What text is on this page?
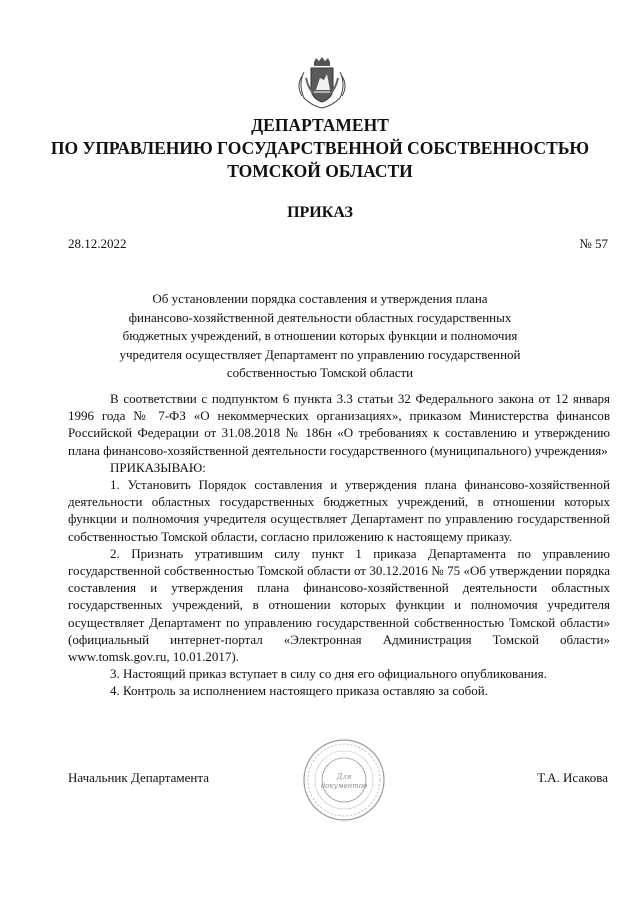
ДЕПАРТАМЕНТ
ПО УПРАВЛЕНИЮ ГОСУДАРСТВЕННОЙ СОБСТВЕННОСТЬЮ
ТОМСКОЙ ОБЛАСТИ
ПРИКАЗ
28.12.2022	№ 57
Об установлении порядка составления и утверждения плана
финансово-хозяйственной деятельности областных государственных
бюджетных учреждений, в отношении которых функции и полномочия
учредителя осуществляет Департамент по управлению государственной
собственностью Томской области

В соответствии с подпунктом 6 пункта 3.3 статьи 32 Федерального закона от 12 января 1996 года № 7-ФЗ «О некоммерческих организациях», приказом Министерства финансов Российской Федерации от 31.08.2018 № 186н «О требованиях к составлению и утверждению плана финансово-хозяйственной деятельности государственного (муниципального) учреждения»

ПРИКАЗЫВАЮ:

1. Установить Порядок составления и утверждения плана финансово-хозяйственной деятельности областных государственных бюджетных учреждений, в отношении которых функции и полномочия учредителя осуществляет Департамент по управлению государственной собственностью Томской области, согласно приложению к настоящему приказу.

2. Признать утратившим силу пункт 1 приказа Департамента по управлению государственной собственностью Томской области от 30.12.2016 № 75 «Об утверждении порядка составления и утверждения плана финансово-хозяйственной деятельности областных государственных учреждений, в отношении которых функции и полномочия учредителя осуществляет Департамент по управлению государственной собственностью Томской области» (официальный интернет-портал «Электронная Администрация Томской области» www.tomsk.gov.ru, 10.01.2017).

3. Настоящий приказ вступает в силу со дня его официального опубликования.

4. Контроль за исполнением настоящего приказа оставляю за собой.

Начальник Департамента	Для
документов
Т.А. Исакова
